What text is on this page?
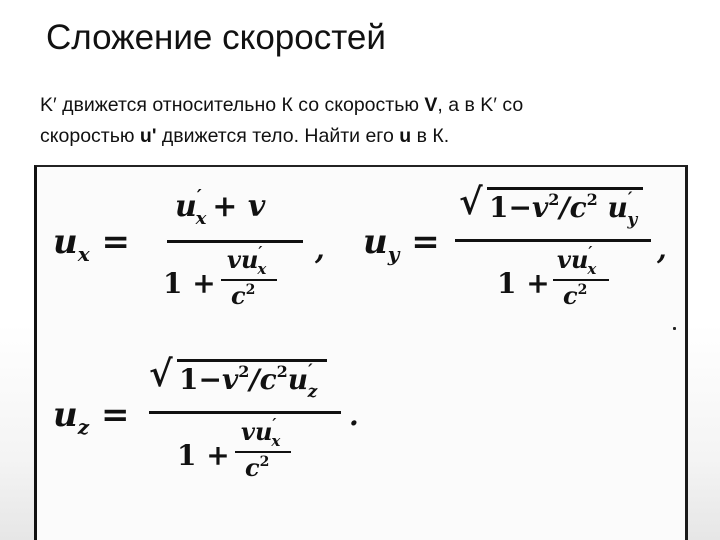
Сложение скоростей
K′ движется относительно К со скоростью V, а в K′ со
скоростью u' движется тело. Найти его u в К.
$u_x$ =
$u'_x + v$
1 +
$vu'_x$
$c^2$
, $u_y$ =
√ $1-v^2/c^2$ $u'_y$
1 +
$vu'_x$
$c^2$
,
$u_z$ =
√ $1-v^2/c^2u'_z$
1 +
$vu'_x$
$c^2$
.
